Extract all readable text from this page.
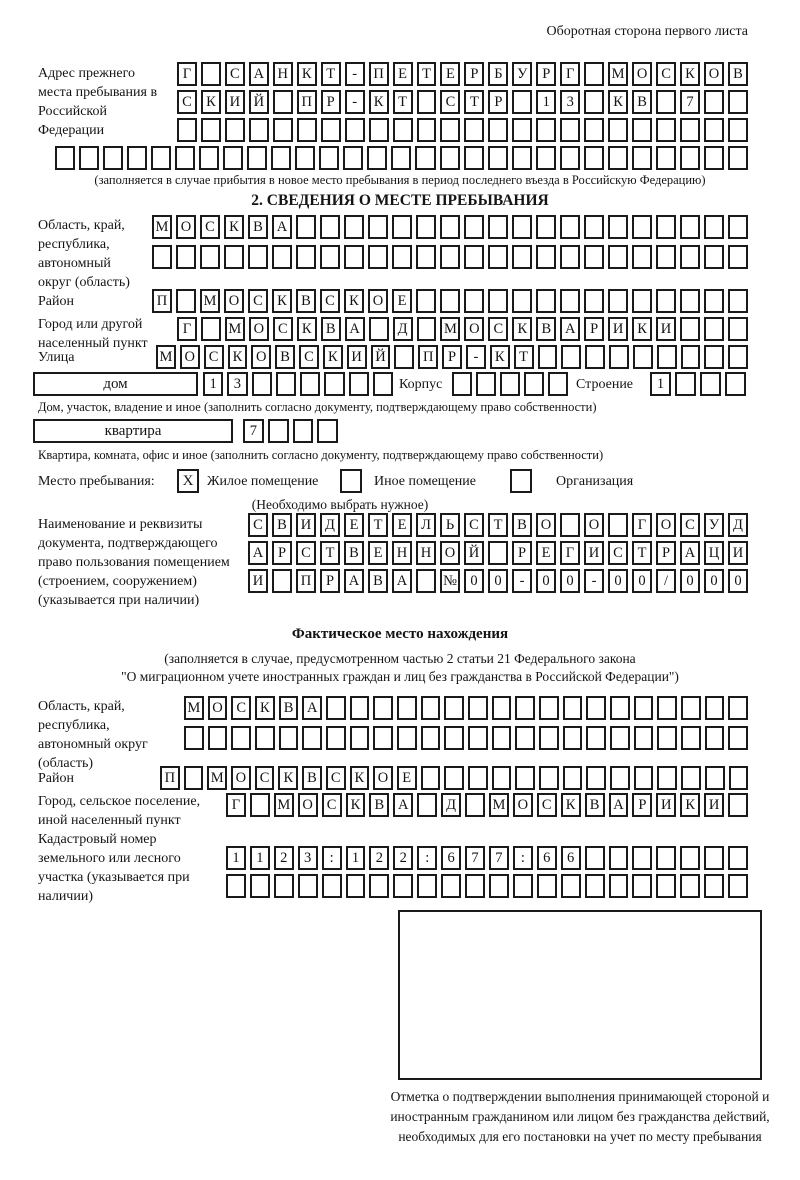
Оборотная сторона первого листа
Адрес прежнего места пребывания в Российской Федерации
Г	С А Н К	Т	-	П Е	Т	Е	Р	Б	У	Р	Г	М О С К О В
С К И Й	П	Р	-	К	Т	С	Т	Р	1	3	К В	7
(заполняется в случае прибытия в новое место пребывания в период последнего въезда в Российскую Федерацию)
2. СВЕДЕНИЯ О МЕСТЕ ПРЕБЫВАНИЯ
Область, край, республика, автономный округ (область)
М О С К В А
Район	П	М О С К В С К О Е
Город или другой населенный пункт
Г	М О С К В А	Д	М О С К В А	Р	И К И
Улица	М О С К О В С К И Й	П	Р	-	К	Т
дом	1	3	Корпус	Строение	1
Дом, участок, владение и иное (заполнить согласно документу, подтверждающему право собственности)
квартира	7
Квартира, комната, офис и иное (заполнить согласно документу, подтверждающему право собственности)
Место пребывания:	X Жилое помещение	Иное помещение	Организация
(Необходимо выбрать нужное)
Наименование и реквизиты документа, подтверждающего право пользования помещением (строением, сооружением) (указывается при наличии)
С В И Д	Е	Т	Е	Л	Ь	С	Т	В О	О	Г	О С У Д
А	Р	С	Т	В	Е Н Н О Й	Р	Е	Г	И С	Т	Р	А Ц И
И	П	Р	А В А	№ 0	0	-	0	0	-	0	0	/	0	0	0
Фактическое место нахождения
(заполняется в случае, предусмотренном частью 2 статьи 21 Федерального закона
"О миграционном учете иностранных граждан и лиц без гражданства в Российской Федерации")
Область, край, республика, автономный округ (область)
М О С К В А
Район	П	М О С К В С К О Е
Город, сельское поселение, иной населенный пункт
Г	М О С К В А	Д	М О С К В А	Р	И К И
Кадастровый номер земельного или лесного участка (указывается при наличии)
1	1	2	3	:	1	2	2	:	6	7	7	:	6	6
Отметка о подтверждении выполнения принимающей стороной и иностранным гражданином или лицом без гражданства действий, необходимых для его постановки на учет по месту пребывания
